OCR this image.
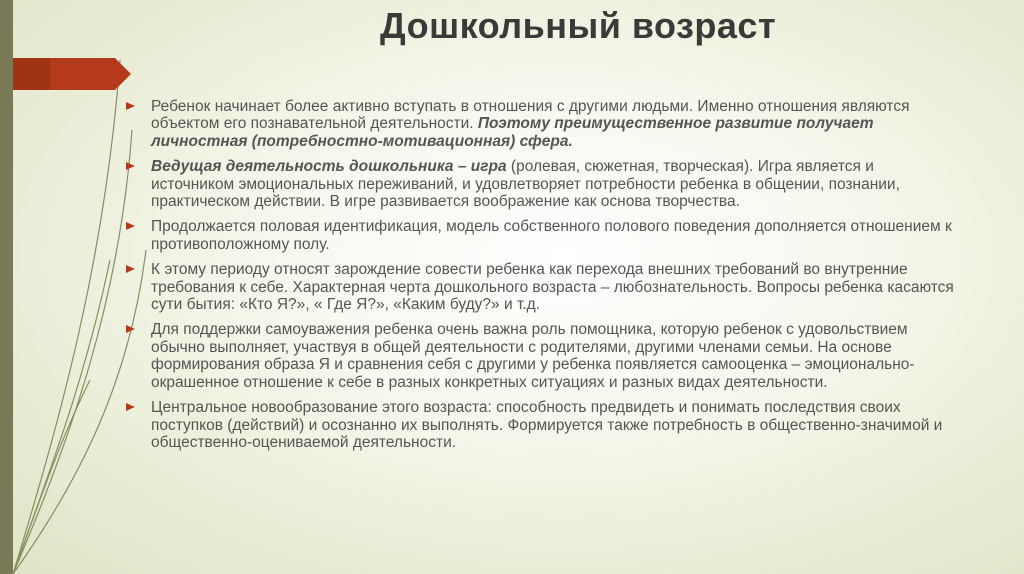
Дошкольный возраст
Ребенок начинает более активно вступать в отношения с другими людьми. Именно отношения являются объектом его познавательной деятельности. Поэтому преимущественное развитие получает личностная (потребностно-мотивационная) сфера.
Ведущая деятельность дошкольника – игра (ролевая, сюжетная, творческая). Игра является и источником эмоциональных переживаний, и удовлетворяет потребности ребенка в общении, познании, практическом действии. В игре развивается воображение как основа творчества.
Продолжается половая идентификация, модель собственного полового поведения дополняется отношением к противоположному полу.
К этому периоду относят зарождение совести ребенка как перехода внешних требований во внутренние требования к себе. Характерная черта дошкольного возраста – любознательность. Вопросы ребенка касаются сути бытия: «Кто Я?», « Где Я?», «Каким буду?» и т.д.
Для поддержки самоуважения ребенка очень важна роль помощника, которую ребенок с удовольствием обычно выполняет, участвуя в общей деятельности с родителями, другими членами семьи. На основе формирования образа Я и сравнения себя с другими у ребенка появляется самооценка – эмоционально-окрашенное отношение к себе в разных конкретных ситуациях и разных видах деятельности.
Центральное новообразование этого возраста: способность предвидеть и понимать последствия своих поступков (действий) и осознанно их выполнять. Формируется также потребность в общественно-значимой и общественно-оцениваемой деятельности.
